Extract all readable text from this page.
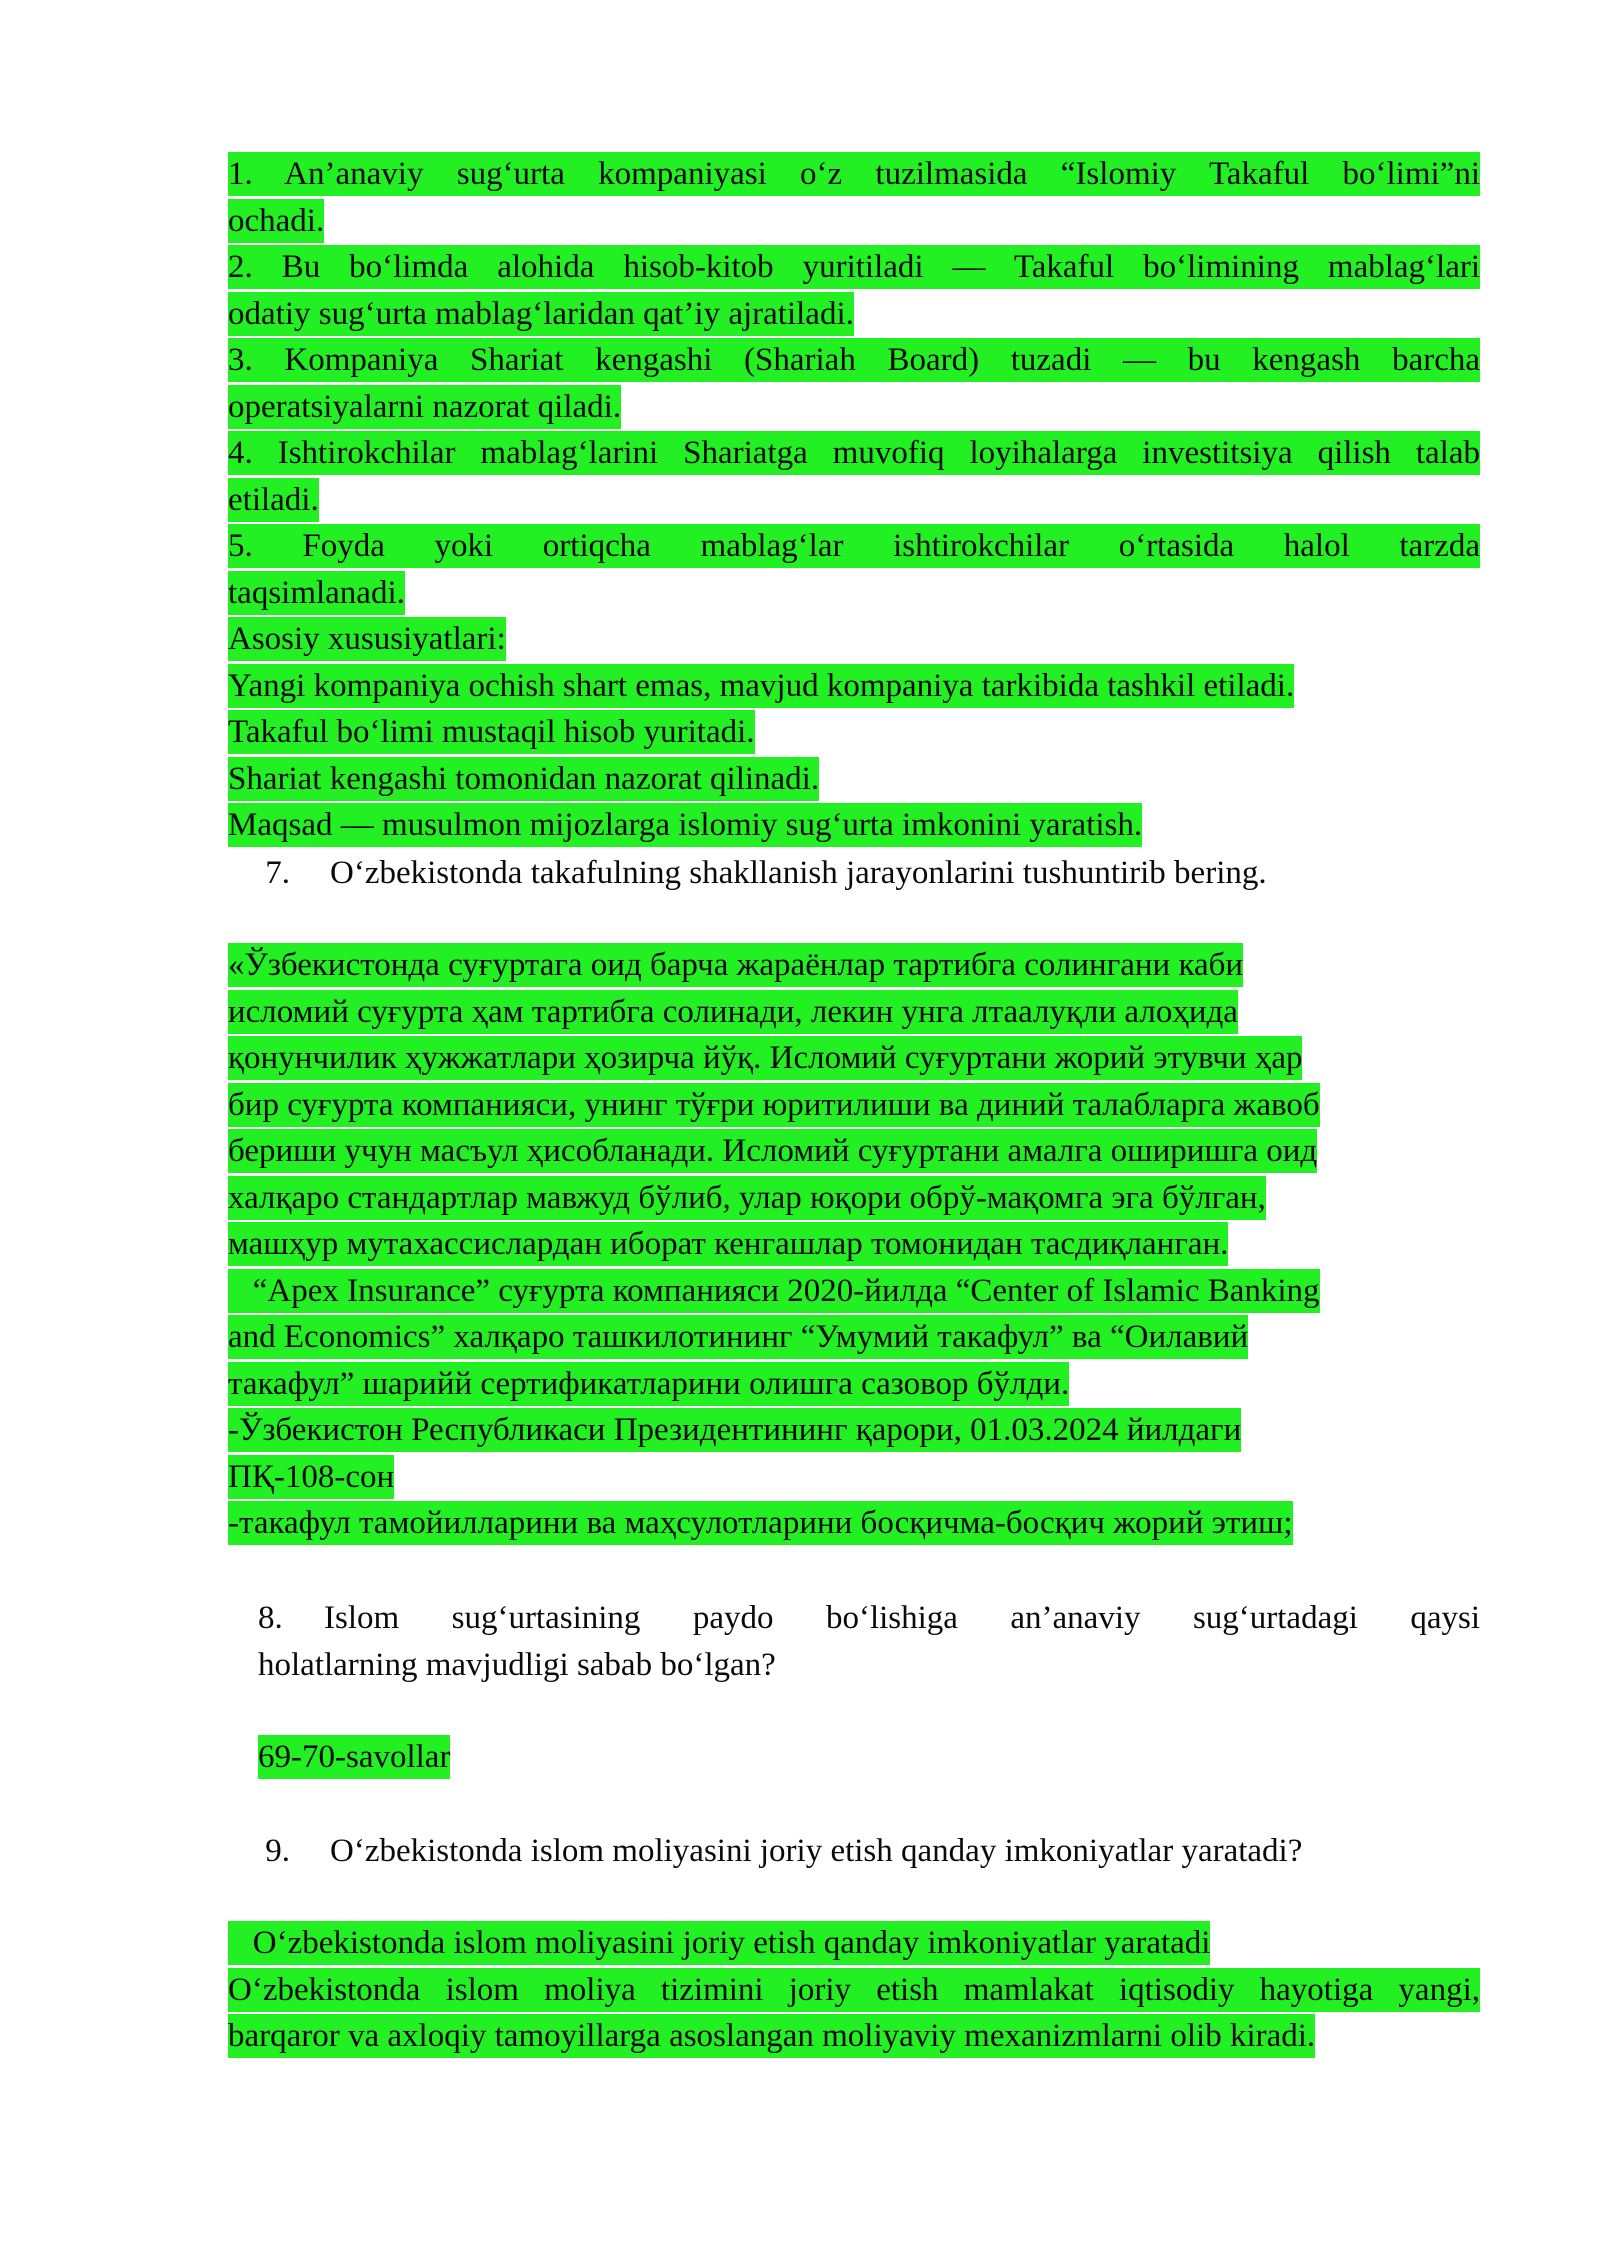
1. An’anaviy sug‘urta kompaniyasi o‘z tuzilmasida “Islomiy Takaful bo‘limi”ni
ochadi.
2. Bu bo‘limda alohida hisob-kitob yuritiladi — Takaful bo‘limining mablag‘lari
odatiy sug‘urta mablag‘laridan qat’iy ajratiladi.
3. Kompaniya Shariat kengashi (Shariah Board) tuzadi — bu kengash barcha
operatsiyalarni nazorat qiladi.
4. Ishtirokchilar mablag‘larini Shariatga muvofiq loyihalarga investitsiya qilish talab
etiladi.
5. Foyda yoki ortiqcha mablag‘lar ishtirokchilar o‘rtasida halol tarzda
taqsimlanadi.
Asosiy xususiyatlari:
Yangi kompaniya ochish shart emas, mavjud kompaniya tarkibida tashkil etiladi.
Takaful bo‘limi mustaqil hisob yuritadi.
Shariat kengashi tomonidan nazorat qilinadi.
Maqsad — musulmon mijozlarga islomiy sug‘urta imkonini yaratish.
7.	O‘zbekistonda takafulning shakllanish jarayonlarini tushuntirib bering.
«Ўзбекистонда суғуртага оид барча жараёнлар тартибга солингани каби
исломий суғурта ҳам тартибга солинади, лекин унга лтаалуқли алоҳида
қонунчилик ҳужжатлари ҳозирча йўқ. Исломий суғуртани жорий этувчи ҳар
бир суғурта компанияси, унинг тўғри юритилиши ва диний талабларга жавоб
бериши учун масъул ҳисобланади. Исломий суғуртани амалга оширишга оид
халқаро стандартлар мавжуд бўлиб, улар юқори обрў-мақомга эга бўлган,
машҳур мутахассислардан иборат кенгашлар томонидан тасдиқланган.
“Apex Insurance” суғурта компанияси 2020-йилда “Center of Islamic Banking
and Economics” халқаро ташкилотининг “Умумий такафул” ва “Оилавий
такафул” шарийй сертификатларини олишга сазовор бўлди.
-Ўзбекистон Республикаси Президентининг қарори, 01.03.2024 йилдаги
ПҚ-108-сон
-такафул тамойилларини ва маҳсулотларини босқичма-босқич жорий этиш;
8.	Islom sug‘urtasining paydo bo‘lishiga an’anaviy sug‘urtadagi qaysi
holatlarning mavjudligi sabab bo‘lgan?
69-70-savollar
9.	O‘zbekistonda islom moliyasini joriy etish qanday imkoniyatlar yaratadi?
O‘zbekistonda islom moliyasini joriy etish qanday imkoniyatlar yaratadi
O‘zbekistonda islom moliya tizimini joriy etish mamlakat iqtisodiy hayotiga yangi,
barqaror va axloqiy tamoyillarga asoslangan moliyaviy mexanizmlarni olib kiradi.
